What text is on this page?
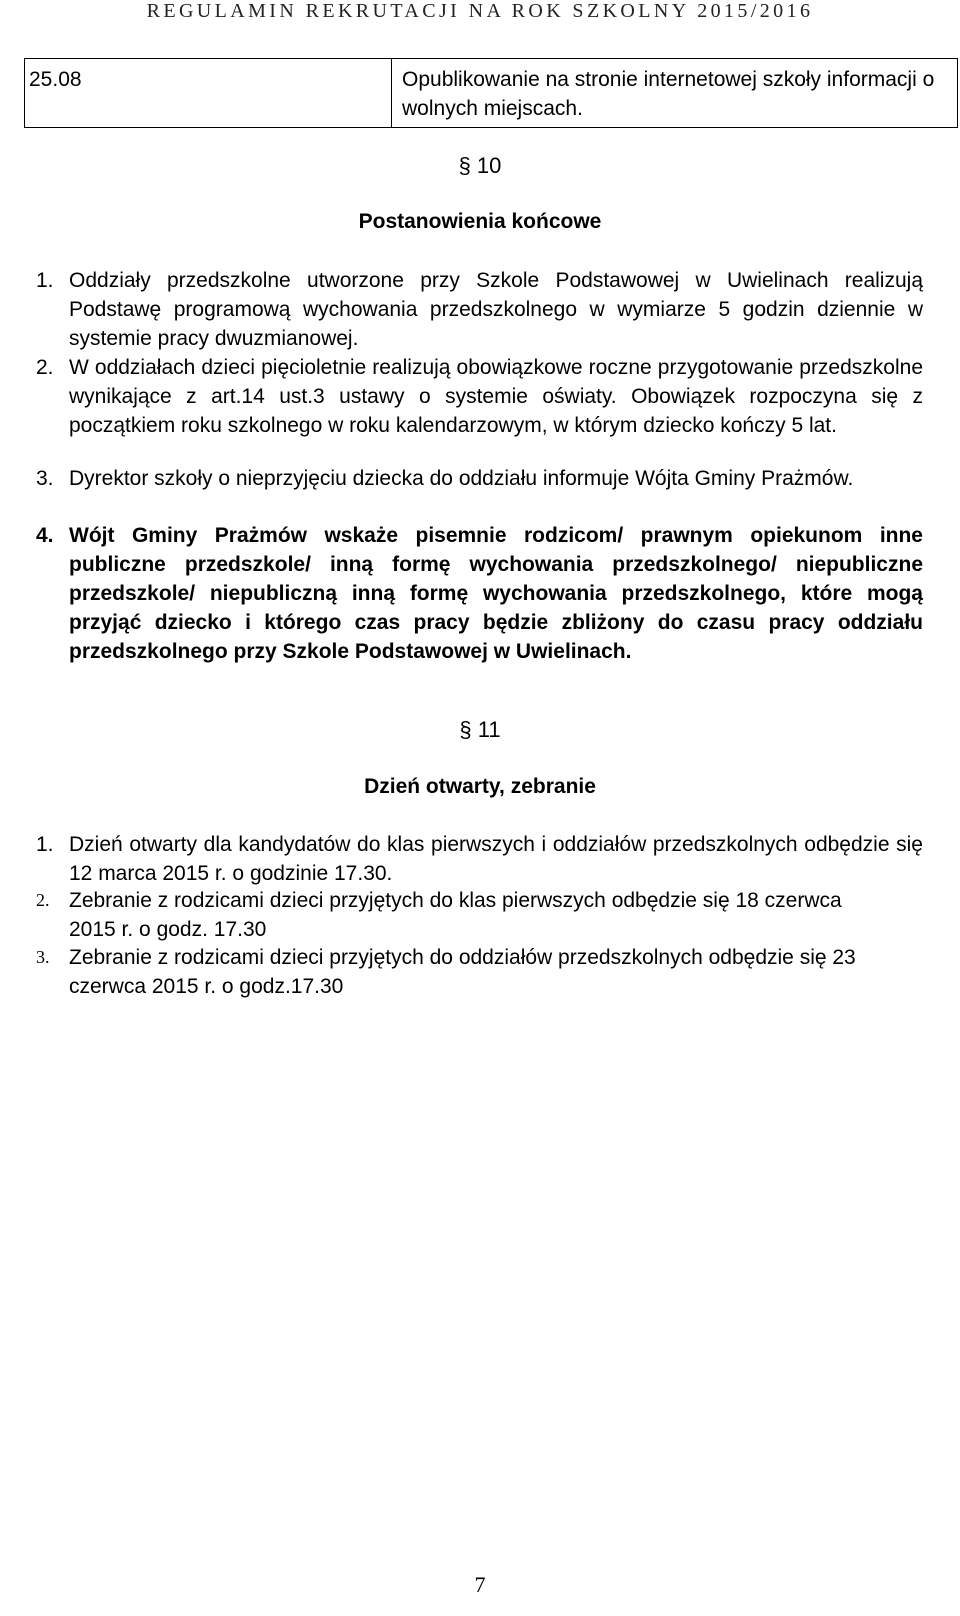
REGULAMIN REKRUTACJI NA ROK SZKOLNY 2015/2016
25.08	Opublikowanie na stronie internetowej szkoły informacji o wolnych miejscach.
§ 10
Postanowienia końcowe

1. Oddziały przedszkolne utworzone przy Szkole Podstawowej w Uwielinach realizują Podstawę programową wychowania przedszkolnego w wymiarze 5 godzin dziennie w systemie pracy dwuzmianowej.

2. W oddziałach dzieci pięcioletnie realizują obowiązkowe roczne przygotowanie przedszkolne wynikające z art.14 ust.3 ustawy o systemie oświaty. Obowiązek rozpoczyna się z początkiem roku szkolnego w roku kalendarzowym, w którym dziecko kończy 5 lat.

3. Dyrektor szkoły o nieprzyjęciu dziecka do oddziału informuje Wójta Gminy Prażmów.

4. Wójt Gminy Prażmów wskaże pisemnie rodzicom/ prawnym opiekunom inne publiczne przedszkole/ inną formę wychowania przedszkolnego/ niepubliczne przedszkole/ niepubliczną inną formę wychowania przedszkolnego, które mogą przyjąć dziecko i którego czas pracy będzie zbliżony do czasu pracy oddziału przedszkolnego przy Szkole Podstawowej w Uwielinach.

§ 11
Dzień otwarty, zebranie

1. Dzień otwarty dla kandydatów do klas pierwszych i oddziałów przedszkolnych odbędzie się 12 marca 2015 r. o godzinie 17.30.

2. Zebranie z rodzicami dzieci przyjętych do klas pierwszych odbędzie się 18 czerwca 2015 r. o godz. 17.30

3. Zebranie z rodzicami dzieci przyjętych do oddziałów przedszkolnych odbędzie się 23 czerwca 2015 r. o godz.17.30

7
